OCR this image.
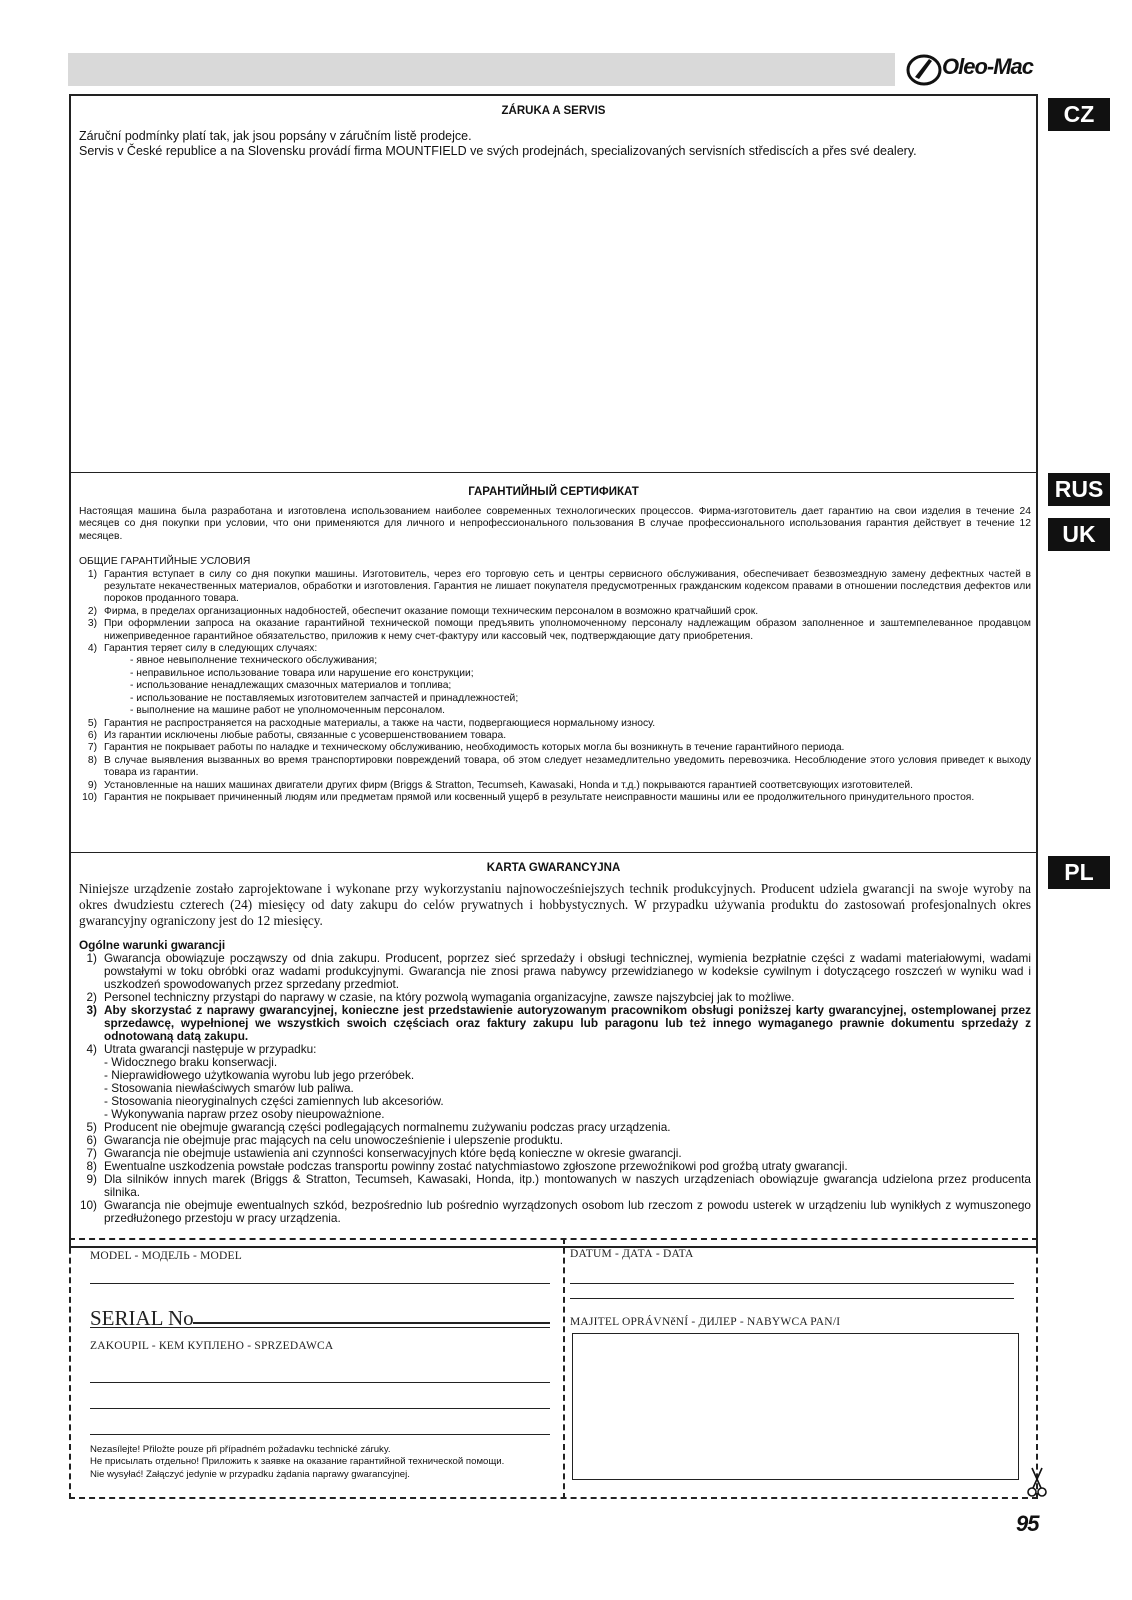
Oleo-Mac
CZ
RUS
UK
PL
ZÁRUKA A SERVIS
Záruční podmínky platí tak, jak jsou popsány v záručním listě prodejce.
Servis v České republice a na Slovensku provádí firma MOUNTFIELD ve svých prodejnách, specializovaných servisních střediscích a přes své dealery.
ГАРАНТИЙНЫЙ СЕРТИФИКАТ
Настоящая машина была разработана и изготовлена использованием наиболее современных технологических процессов. Фирма-изготовитель дает гарантию на свои изделия в течение 24 месяцев со дня покупки при условии, что они применяются для личного и непрофессионального пользования В случае профессионального использования гарантия действует в течение 12 месяцев.
ОБЩИЕ ГАРАНТИЙНЫЕ УСЛОВИЯ
1) Гарантия вступает в силу со дня покупки машины. Изготовитель, через его торговую сеть и центры сервисного обслуживания, обеспечивает безвозмездную замену дефектных частей в результате некачественных материалов, обработки и изготовления. Гарантия не лишает покупателя предусмотренных гражданским кодексом правами в отношении последствия дефектов или пороков проданного товара.
2) Фирма, в пределах организационных надобностей, обеспечит оказание помощи техническим персоналом в возможно кратчайший срок.
3) При оформлении запроса на оказание гарантийной технической помощи предъявить уполномоченному персоналу надлежащим образом заполненное и заштемпелеванное продавцом нижеприведенное гарантийное обязательство, приложив к нему счет-фактуру или кассовый чек, подтверждающие дату приобретения.
4) Гарантия теряет силу в следующих случаях:
- явное невыполнение технического обслуживания;
- неправильное использование товара или нарушение его конструкции;
- использование ненадлежащих смазочных материалов и топлива;
- использование не поставляемых изготовителем запчастей и принадлежностей;
- выполнение на машине работ не уполномоченным персоналом.
5) Гарантия не распространяется на расходные материалы, а также на части, подвергающиеся нормальному износу.
6) Из гарантии исключены любые работы, связанные с усовершенствованием товара.
7) Гарантия не покрывает работы по наладке и техническому обслуживанию, необходимость которых могла бы возникнуть в течение гарантийного периода.
8) В случае выявления вызванных во время транспортировки повреждений товара, об этом следует незамедлительно уведомить перевозчика. Несоблюдение этого условия приведет к выходу товара из гарантии.
9) Установленные на наших машинах двигатели других фирм (Briggs & Stratton, Tecumseh, Kawasaki, Honda и т.д.) покрываются гарантией соответсвующих изготовителей.
10) Гарантия не покрывает причиненный людям или предметам прямой или косвенный ущерб в результате неисправности машины или ее продолжительного принудительного простоя.
KARTA GWARANCYJNA
Niniejsze urządzenie zostało zaprojektowane i wykonane przy wykorzystaniu najnowocześniejszych technik produkcyjnych. Producent udziela gwarancji na swoje wyroby na okres dwudziestu czterech (24) miesięcy od daty zakupu do celów prywatnych i hobbystycznych. W przypadku używania produktu do zastosowań profesjonalnych okres gwarancyjny ograniczony jest do 12 miesięcy.
Ogólne warunki gwarancji
1) Gwarancja obowiązuje począwszy od dnia zakupu. Producent, poprzez sieć sprzedaży i obsługi technicznej, wymienia bezpłatnie części z wadami materiałowymi, wadami powstałymi w toku obróbki oraz wadami produkcyjnymi. Gwarancja nie znosi prawa nabywcy przewidzianego w kodeksie cywilnym i dotyczącego roszczeń w wyniku wad i uszkodzeń spowodowanych przez sprzedany przedmiot.
2) Personel techniczny przystąpi do naprawy w czasie, na który pozwolą wymagania organizacyjne, zawsze najszybciej jak to możliwe.
3) Aby skorzystać z naprawy gwarancyjnej, konieczne jest przedstawienie autoryzowanym pracownikom obsługi poniższej karty gwarancyjnej, ostemplowanej przez sprzedawcę, wypełnionej we wszystkich swoich częściach oraz faktury zakupu lub paragonu lub też innego wymaganego prawnie dokumentu sprzedaży z odnotowaną datą zakupu.
4) Utrata gwarancji następuje w przypadku:
- Widocznego braku konserwacji.
- Nieprawidłowego użytkowania wyrobu lub jego przeróbek.
- Stosowania niewłaściwych smarów lub paliwa.
- Stosowania nieoryginalnych części zamiennych lub akcesoriów.
- Wykonywania napraw przez osoby nieupoważnione.
5) Producent nie obejmuje gwarancją części podlegających normalnemu zużywaniu podczas pracy urządzenia.
6) Gwarancja nie obejmuje prac mających na celu unowocześnienie i ulepszenie produktu.
7) Gwarancja nie obejmuje ustawienia ani czynności konserwacyjnych które będą konieczne w okresie gwarancji.
8) Ewentualne uszkodzenia powstałe podczas transportu powinny zostać natychmiastowo zgłoszone przewoźnikowi pod groźbą utraty gwarancji.
9) Dla silników innych marek (Briggs & Stratton, Tecumseh, Kawasaki, Honda, itp.) montowanych w naszych urządzeniach obowiązuje gwarancja udzielona przez producenta silnika.
10) Gwarancja nie obejmuje ewentualnych szkód, bezpośrednio lub pośrednio wyrządzonych osobom lub rzeczom z powodu usterek w urządzeniu lub wynikłych z wymuszonego przedłużonego przestoju w pracy urządzenia.
MODEL - МОДЕЛЬ - MODEL
SERIAL No
ZAKOUPIL - КЕМ КУПЛЕНО - SPRZEDAWCA
Nezasílejte! Přiložte pouze při případném požadavku technické záruky.
Не присылать отдельно! Приложить к заявке на оказание гарантийной технической помощи.
Nie wysyłać! Załączyć jedynie w przypadku żądania naprawy gwarancyjnej.
DATUM - ДАТА - DATA
MAJITEL OPRÁVNěNÍ - ДИЛЕР - NABYWCA PAN/I
95
